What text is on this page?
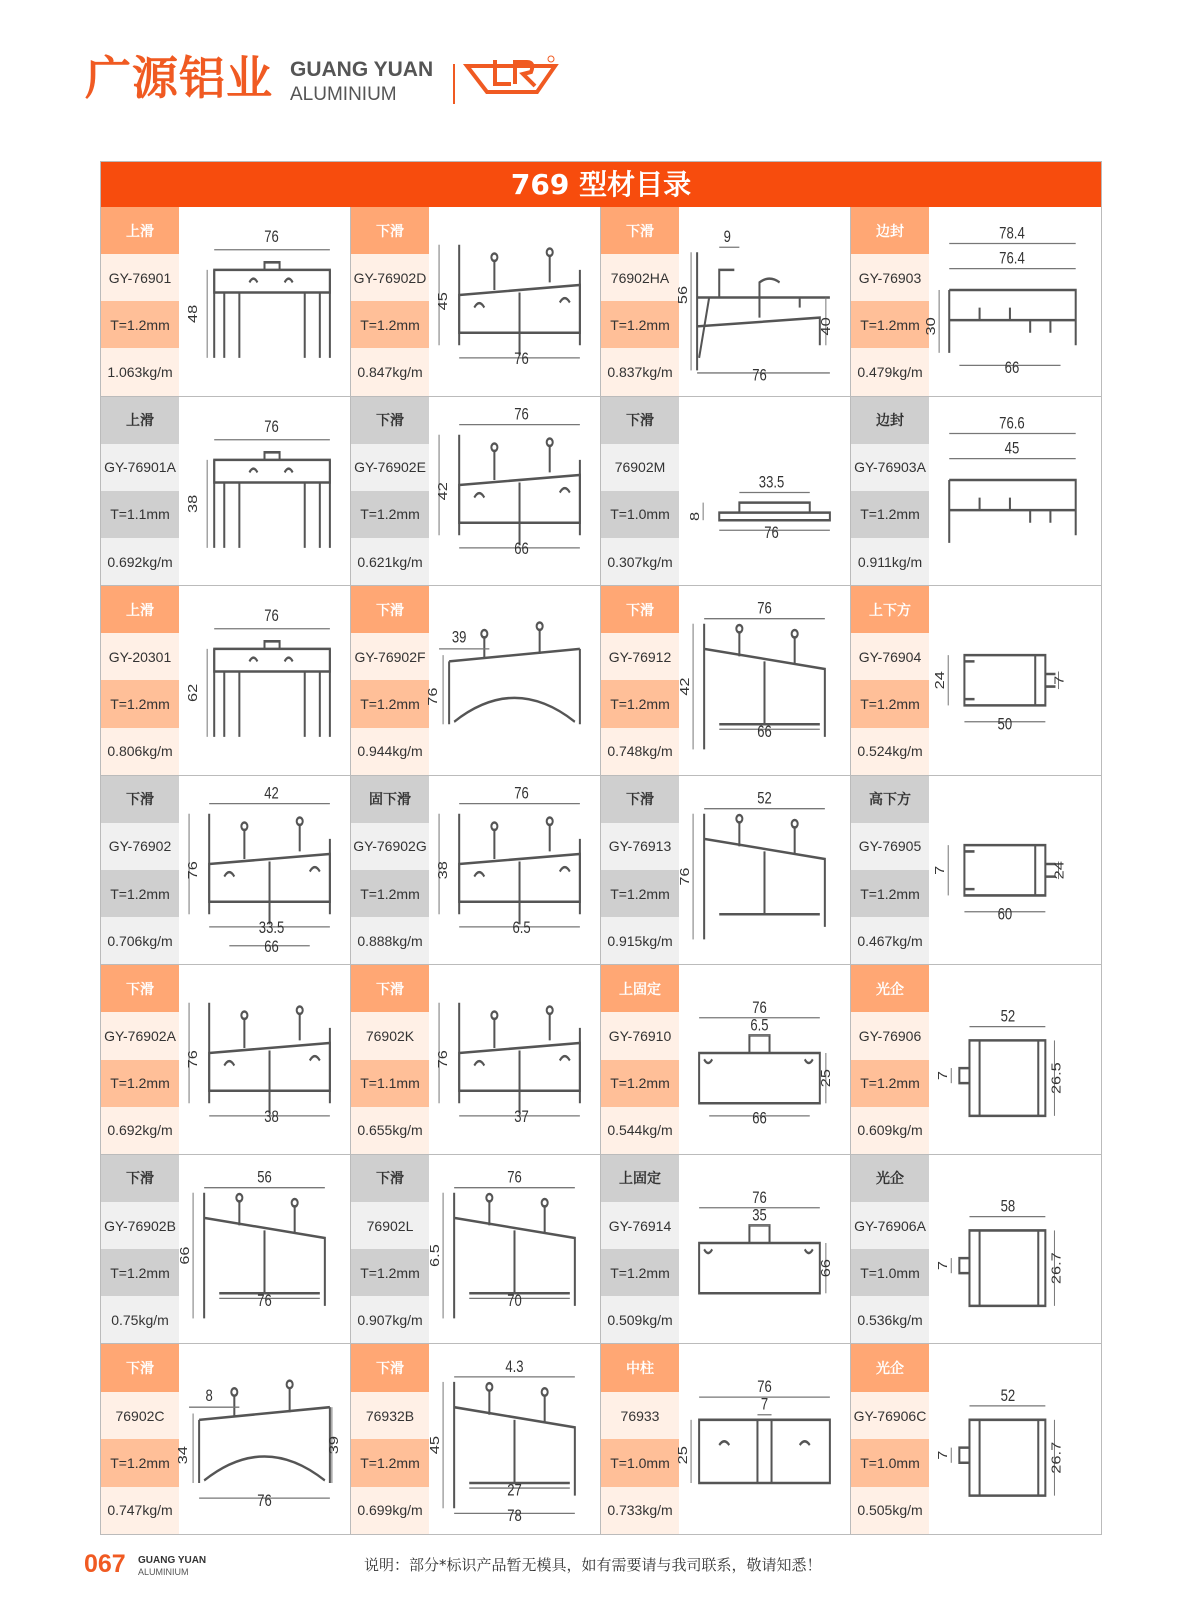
广源铝业 GUANG YUAN
ALUMINIUM
769 型材目录
上滑
GY-76901
T=1.2mm
1.063kg/m
76
48
下滑
GY-76902D
T=1.2mm
0.847kg/m
45
76
下滑
76902HA
T=1.2mm
0.837kg/m
9
56
40
76
边封
GY-76903
T=1.2mm
0.479kg/m
78.4
76.4
30
66
上滑
GY-76901A
T=1.1mm
0.692kg/m
76
38
下滑
GY-76902E
T=1.2mm
0.621kg/m
42
66
76	下滑
76902M
T=1.0mm
0.307kg/m
33.5
8
76
边封
GY-76903A
T=1.2mm
0.911kg/m
76.6
45
上滑
GY-20301
T=1.2mm
0.806kg/m
76
62
下滑
GY-76902F
T=1.2mm
0.944kg/m
39
76
下滑
GY-76912
T=1.2mm
0.748kg/m
76
42
66
上下方
GY-76904
T=1.2mm
0.524kg/m
24	7
50
下滑
GY-76902
T=1.2mm
0.706kg/m
76
33.5
42
66
固下滑
GY-76902G
T=1.2mm
0.888kg/m
38
6.5
76	下滑
GY-76913
T=1.2mm
0.915kg/m
52
76
高下方
GY-76905
T=1.2mm
0.467kg/m
7	24
60
下滑
GY-76902A
T=1.2mm
0.692kg/m
76
38
下滑
76902K
T=1.1mm
0.655kg/m
76
37
上固定
GY-76910
T=1.2mm
0.544kg/m
76
6.5
25
66
光企
GY-76906
T=1.2mm
0.609kg/m
52
7	26.5
下滑
GY-76902B
T=1.2mm
0.75kg/m
56
66
76
下滑
76902L
T=1.2mm
0.907kg/m
76
6.5
70
上固定
GY-76914
T=1.2mm
0.509kg/m
76
35
66
光企
GY-76906A
T=1.0mm
0.536kg/m
58
7	26.7
下滑
76902C
T=1.2mm
0.747kg/m
8
34
39
76
下滑
76932B
T=1.2mm
0.699kg/m
4.3
45
27
78
中柱
76933
T=1.0mm
0.733kg/m
76
7
25
光企
GY-76906C
T=1.0mm
0.505kg/m
52
7	26.7
067 GUANG YUAN
ALUMINIUM	说明：部分*标识产品暂无模具，如有需要请与我司联系，敬请知悉！
